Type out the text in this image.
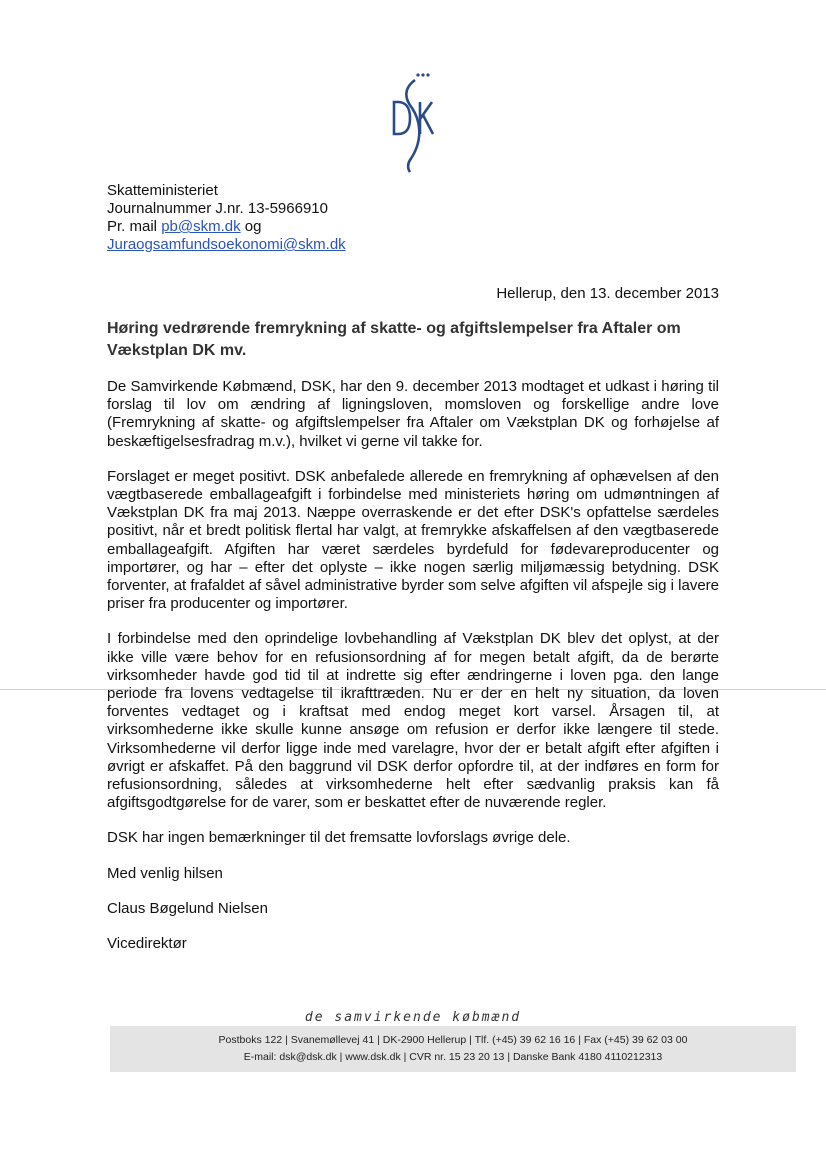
Skatteministeriet
Journalnummer J.nr. 13-5966910
Pr. mail pb@skm.dk og
Juraogsamfundsoekonomi@skm.dk
Hellerup, den 13. december 2013
Høring vedrørende fremrykning af skatte- og afgiftslempelser fra Aftaler om Vækstplan DK mv.

De Samvirkende Købmænd, DSK, har den 9. december 2013 modtaget et udkast i høring til forslag til lov om ændring af ligningsloven, momsloven og forskellige andre love (Fremrykning af skatte- og afgiftslempelser fra Aftaler om Vækstplan DK og forhøjelse af beskæftigelsesfradrag m.v.), hvilket vi gerne vil takke for.

Forslaget er meget positivt. DSK anbefalede allerede en fremrykning af ophævelsen af den vægtbaserede emballageafgift i forbindelse med ministeriets høring om udmøntningen af Vækstplan DK fra maj 2013. Næppe overraskende er det efter DSK's opfattelse særdeles positivt, når et bredt politisk flertal har valgt, at fremrykke afskaffelsen af den vægtbaserede emballageafgift. Afgiften har været særdeles byrdefuld for fødevareproducenter og importører, og har – efter det oplyste – ikke nogen særlig miljømæssig betydning. DSK forventer, at frafaldet af såvel administrative byrder som selve afgiften vil afspejle sig i lavere priser fra producenter og importører.

I forbindelse med den oprindelige lovbehandling af Vækstplan DK blev det oplyst, at der ikke ville være behov for en refusionsordning af for megen betalt afgift, da de berørte virksomheder havde god tid til at indrette sig efter ændringerne i loven pga. den lange periode fra lovens vedtagelse til ikrafttræden. Nu er der en helt ny situation, da loven forventes vedtaget og i kraftsat med endog meget kort varsel. Årsagen til, at virksomhederne ikke skulle kunne ansøge om refusion er derfor ikke længere til stede. Virksomhederne vil derfor ligge inde med varelagre, hvor der er betalt afgift efter afgiften i øvrigt er afskaffet. På den baggrund vil DSK derfor opfordre til, at der indføres en form for refusionsordning, således at virksomhederne helt efter sædvanlig praksis kan få afgiftsgodtgørelse for de varer, som er beskattet efter de nuværende regler.

DSK har ingen bemærkninger til det fremsatte lovforslags øvrige dele.

Med venlig hilsen

Claus Bøgelund Nielsen

Vicedirektør

de samvirkende købmænd
Postboks 122 | Svanemøllevej 41 | DK-2900 Hellerup | Tlf. (+45) 39 62 16 16 | Fax (+45) 39 62 03 00
E-mail: dsk@dsk.dk | www.dsk.dk | CVR nr. 15 23 20 13 | Danske Bank 4180 4110212313
